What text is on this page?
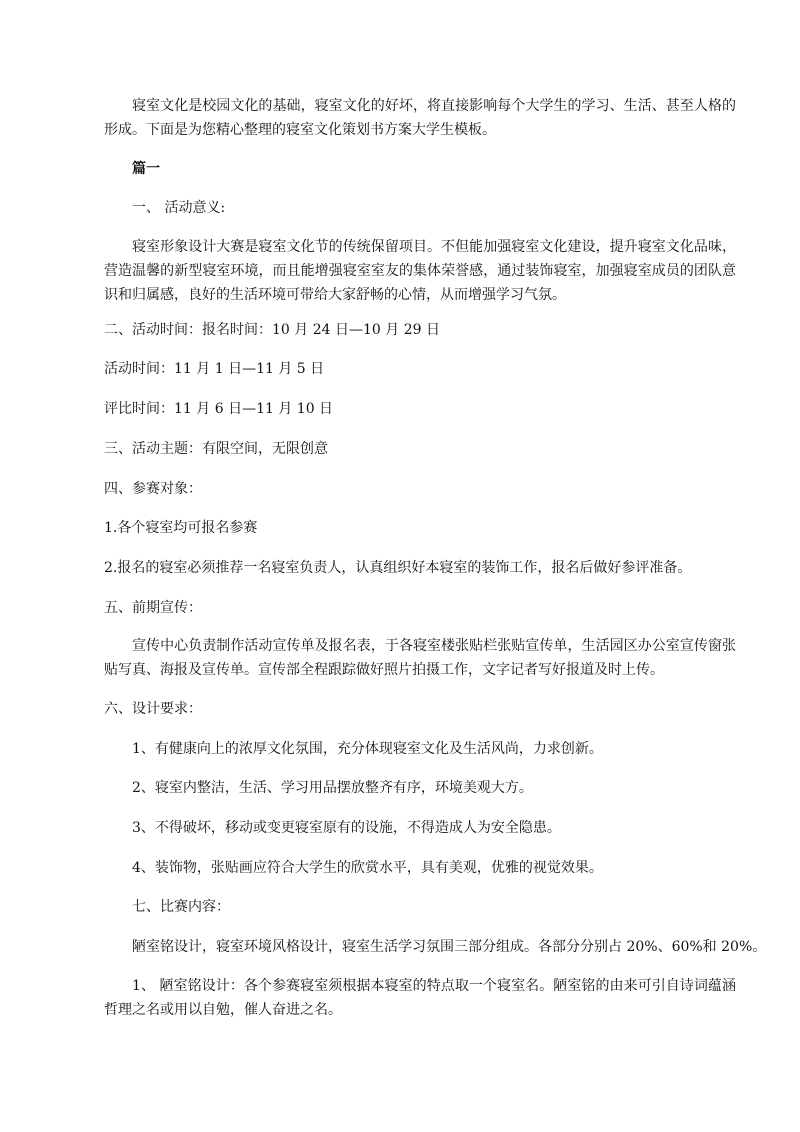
寝室文化是校园文化的基础，寝室文化的好坏，将直接影响每个大学生的学习、生活、甚至人格的形成。下面是为您精心整理的寝室文化策划书方案大学生模板。

篇一

一、 活动意义:

寝室形象设计大赛是寝室文化节的传统保留项目。不但能加强寝室文化建设，提升寝室文化品味，营造温馨的新型寝室环境，而且能增强寝室室友的集体荣誉感，通过装饰寝室，加强寝室成员的团队意识和归属感，良好的生活环境可带给大家舒畅的心情，从而增强学习气氛。

二、活动时间：报名时间：10 月 24 日—10 月 29 日

活动时间：11 月 1 日—11 月 5 日

评比时间：11 月 6 日—11 月 10 日

三、活动主题：有限空间，无限创意

四、参赛对象：

1.各个寝室均可报名参赛

2.报名的寝室必须推荐一名寝室负责人，认真组织好本寝室的装饰工作，报名后做好参评准备。

五、前期宣传：

宣传中心负责制作活动宣传单及报名表，于各寝室楼张贴栏张贴宣传单，生活园区办公室宣传窗张贴写真、海报及宣传单。宣传部全程跟踪做好照片拍摄工作，文字记者写好报道及时上传。

六、设计要求：

1、有健康向上的浓厚文化氛围，充分体现寝室文化及生活风尚，力求创新。

2、寝室内整洁，生活、学习用品摆放整齐有序，环境美观大方。

3、不得破坏，移动或变更寝室原有的设施，不得造成人为安全隐患。

4、装饰物，张贴画应符合大学生的欣赏水平，具有美观，优雅的视觉效果。

七、比赛内容：

陋室铭设计，寝室环境风格设计，寝室生活学习氛围三部分组成。各部分分别占 20%、60%和 20%。

1、 陋室铭设计：各个参赛寝室须根据本寝室的特点取一个寝室名。陋室铭的由来可引自诗词蕴涵哲理之名或用以自勉，催人奋进之名。
